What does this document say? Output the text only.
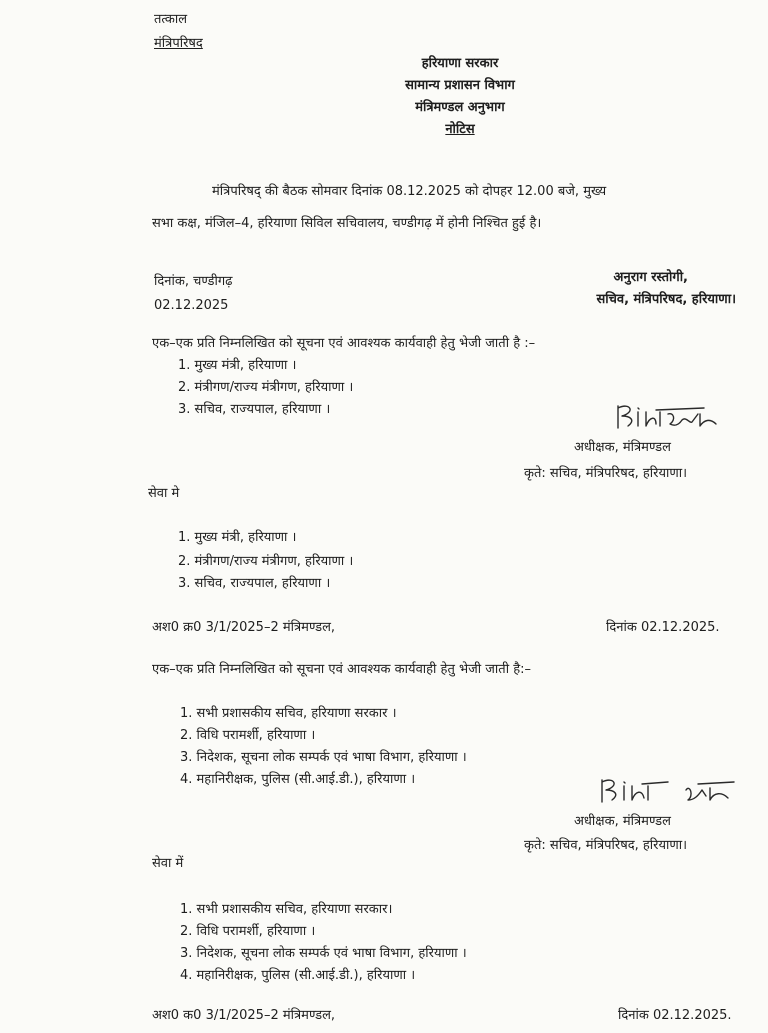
तत्काल
मंत्रिपरिषद
हरियाणा सरकार
सामान्य प्रशासन विभाग
मंत्रिमण्डल अनुभाग
नोटिस
मंत्रिपरिषद् की बैठक सोमवार दिनांक 08.12.2025 को दोपहर 12.00 बजे, मुख्य
सभा कक्ष, मंजिल–4, हरियाणा सिविल सचिवालय, चण्डीगढ़ में होनी निश्चित हुई है।
दिनांक, चण्डीगढ़
02.12.2025
अनुराग रस्तोगी,
सचिव, मंत्रिपरिषद, हरियाणा।
एक–एक प्रति निम्नलिखित को सूचना एवं आवश्यक कार्यवाही हेतु भेजी जाती है :–
1. मुख्य मंत्री, हरियाणा ।
2. मंत्रीगण/राज्य मंत्रीगण, हरियाणा ।
3. सचिव, राज्यपाल, हरियाणा ।
अधीक्षक, मंत्रिमण्डल
कृते: सचिव, मंत्रिपरिषद, हरियाणा।
सेवा मे
1. मुख्य मंत्री, हरियाणा ।
2. मंत्रीगण/राज्य मंत्रीगण, हरियाणा ।
3. सचिव, राज्यपाल, हरियाणा ।
अश0 क्र0 3/1/2025–2 मंत्रिमण्डल,	दिनांक 02.12.2025.
एक–एक प्रति निम्नलिखित को सूचना एवं आवश्यक कार्यवाही हेतु भेजी जाती है:–
1. सभी प्रशासकीय सचिव, हरियाणा सरकार ।
2. विधि परामर्शी, हरियाणा ।
3. निदेशक, सूचना लोक सम्पर्क एवं भाषा विभाग, हरियाणा ।
4. महानिरीक्षक, पुलिस (सी.आई.डी.), हरियाणा ।
अधीक्षक, मंत्रिमण्डल
कृते: सचिव, मंत्रिपरिषद, हरियाणा।
सेवा में
1. सभी प्रशासकीय सचिव, हरियाणा सरकार।
2. विधि परामर्शी, हरियाणा ।
3. निदेशक, सूचना लोक सम्पर्क एवं भाषा विभाग, हरियाणा ।
4. महानिरीक्षक, पुलिस (सी.आई.डी.), हरियाणा ।
अश0 क0 3/1/2025–2 मंत्रिमण्डल,	दिनांक 02.12.2025.
